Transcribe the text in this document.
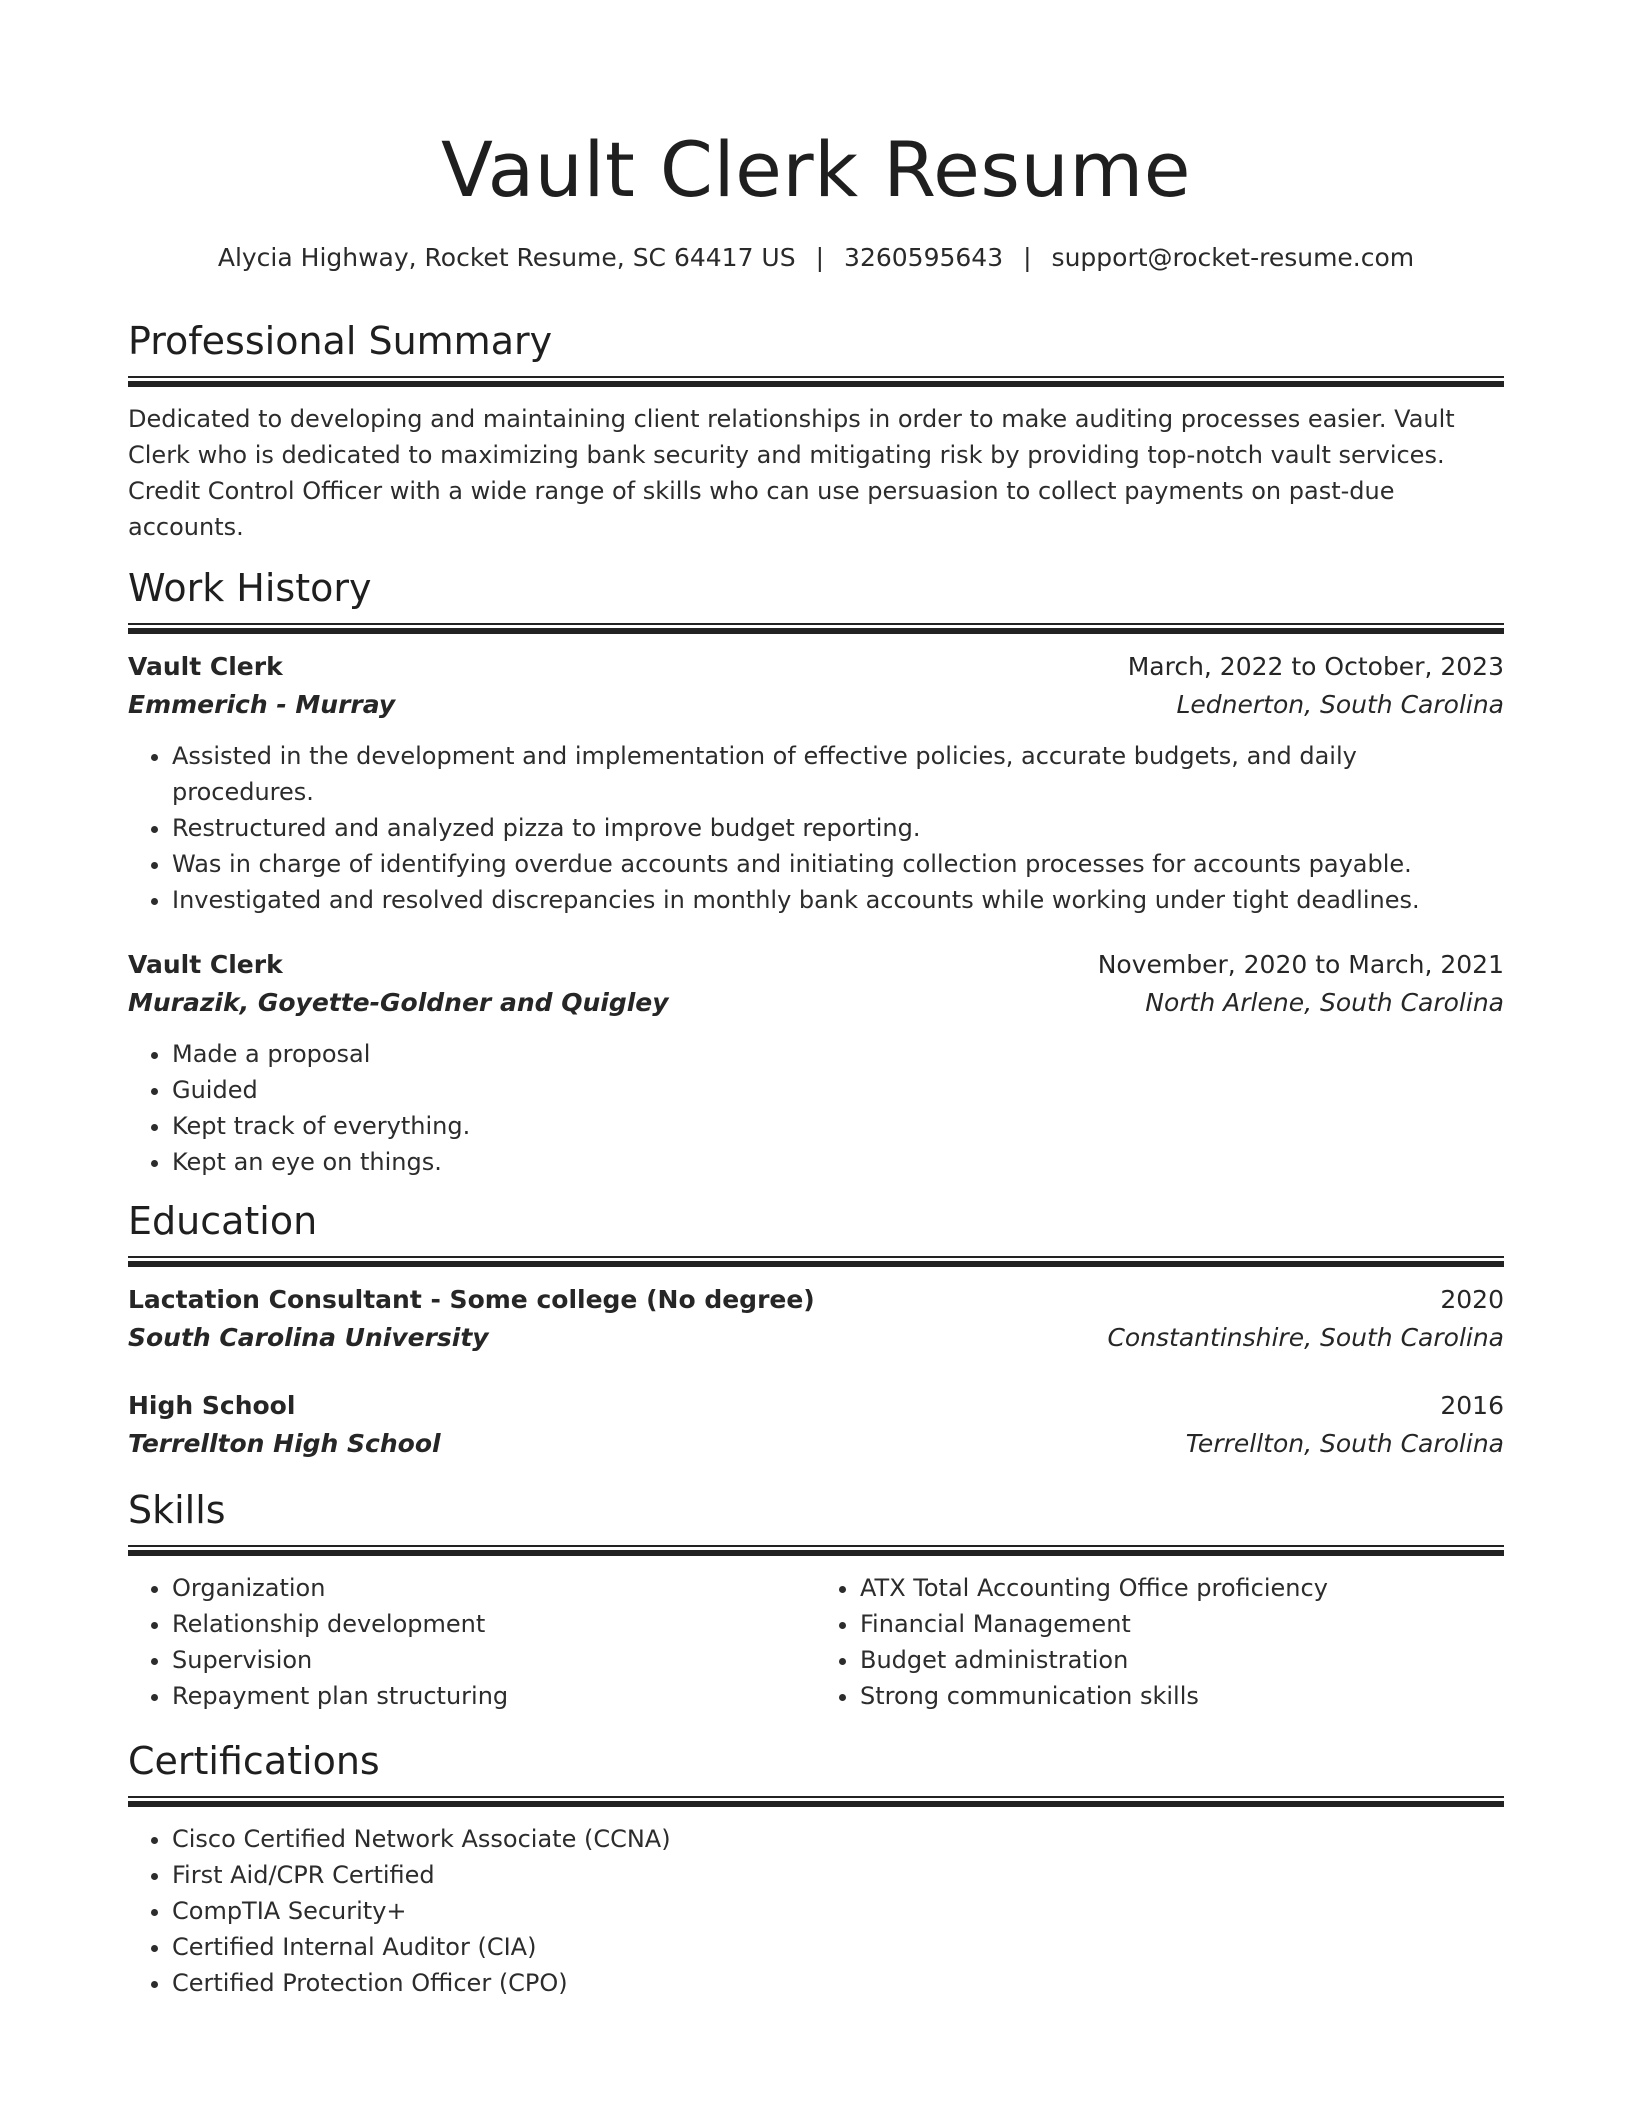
Vault Clerk Resume
Alycia Highway, Rocket Resume, SC 64417 US | 3260595643 | support@rocket-resume.com
Professional Summary

Dedicated to developing and maintaining client relationships in order to make auditing processes easier. Vault Clerk who is dedicated to maximizing bank security and mitigating risk by providing top-notch vault services. Credit Control Officer with a wide range of skills who can use persuasion to collect payments on past-due accounts.

Work History
Vault Clerk	March, 2022 to October, 2023
Emmerich - Murray	Lednerton, South Carolina
• Assisted in the development and implementation of effective policies, accurate budgets, and daily procedures.
• Restructured and analyzed pizza to improve budget reporting.
• Was in charge of identifying overdue accounts and initiating collection processes for accounts payable.
• Investigated and resolved discrepancies in monthly bank accounts while working under tight deadlines.
Vault Clerk	November, 2020 to March, 2021
Murazik, Goyette-Goldner and Quigley	North Arlene, South Carolina
• Made a proposal
• Guided
• Kept track of everything.
• Kept an eye on things.
Education
Lactation Consultant - Some college (No degree)	2020
South Carolina University	Constantinshire, South Carolina
High School	2016
Terrellton High School	Terrellton, South Carolina
Skills
• Organization
• Relationship development
• Supervision
• Repayment plan structuring
• ATX Total Accounting Office proficiency
• Financial Management
• Budget administration
• Strong communication skills
Certifications
• Cisco Certified Network Associate (CCNA)
• First Aid/CPR Certified
• CompTIA Security+
• Certified Internal Auditor (CIA)
• Certified Protection Officer (CPO)
